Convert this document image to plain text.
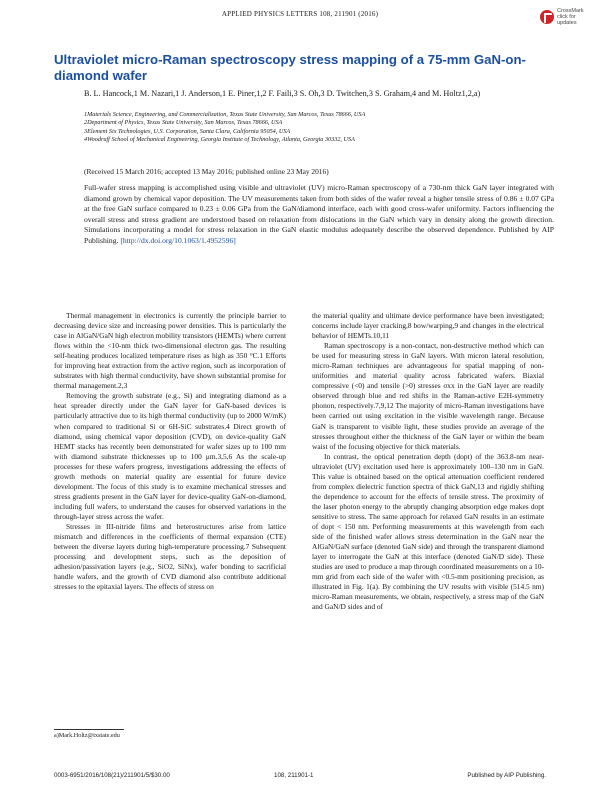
APPLIED PHYSICS LETTERS 108, 211901 (2016)	CrossMark
click for updates
Ultraviolet micro-Raman spectroscopy stress mapping of a 75-mm GaN-on-diamond wafer
B. L. Hancock,1 M. Nazari,1 J. Anderson,1 E. Piner,1,2 F. Faili,3 S. Oh,3 D. Twitchen,3 S. Graham,4 and M. Holtz1,2,a)
1Materials Science, Engineering, and Commercialization, Texas State University, San Marcos, Texas 78666, USA
2Department of Physics, Texas State University, San Marcos, Texas 78666, USA
3Element Six Technologies, U.S. Corporation, Santa Clara, California 95054, USA
4Woodruff School of Mechanical Engineering, Georgia Institute of Technology, Atlanta, Georgia 30332, USA
(Received 15 March 2016; accepted 13 May 2016; published online 23 May 2016)
Full-wafer stress mapping is accomplished using visible and ultraviolet (UV) micro-Raman spectroscopy of a 730-nm thick GaN layer integrated with diamond grown by chemical vapor deposition. The UV measurements taken from both sides of the wafer reveal a higher tensile stress of 0.86 ± 0.07 GPa at the free GaN surface compared to 0.23 ± 0.06 GPa from the GaN/diamond interface, each with good cross-wafer uniformity. Factors influencing the overall stress and stress gradient are understood based on relaxation from dislocations in the GaN which vary in density along the growth direction. Simulations incorporating a model for stress relaxation in the GaN elastic modulus adequately describe the observed dependence. Published by AIP Publishing. [http://dx.doi.org/10.1063/1.4952596]

Thermal management in electronics is currently the principle barrier to decreasing device size and increasing power densities. This is particularly the case in AlGaN/GaN high electron mobility transistors (HEMTs) where current flows within the <10-nm thick two-dimensional electron gas. The resulting self-heating produces localized temperature rises as high as 350 °C.1 Efforts for improving heat extraction from the active region, such as incorporation of substrates with high thermal conductivity, have shown substantial promise for thermal management.2,3

Removing the growth substrate (e.g., Si) and integrating diamond as a heat spreader directly under the GaN layer for GaN-based devices is particularly attractive due to its high thermal conductivity (up to 2000 W/mK) when compared to traditional Si or 6H-SiC substrates.4 Direct growth of diamond, using chemical vapor deposition (CVD), on device-quality GaN HEMT stacks has recently been demonstrated for wafer sizes up to 100 mm with diamond substrate thicknesses up to 100 μm.3,5,6 As the scale-up processes for these wafers progress, investigations addressing the effects of growth methods on material quality are essential for future device development. The focus of this study is to examine mechanical stresses and stress gradients present in the GaN layer for device-quality GaN-on-diamond, including full wafers, to understand the causes for observed variations in the through-layer stress across the wafer.

Stresses in III-nitride films and heterostructures arise from lattice mismatch and differences in the coefficients of thermal expansion (CTE) between the diverse layers during high-temperature processing.7 Subsequent processing and development steps, such as the deposition of adhesion/passivation layers (e.g., SiO2, SiNx), wafer bonding to sacrificial handle wafers, and the growth of CVD diamond also contribute additional stresses to the epitaxial layers. The effects of stress on

the material quality and ultimate device performance have been investigated; concerns include layer cracking,8 bow/warping,9 and changes in the electrical behavior of HEMTs.10,11

Raman spectroscopy is a non-contact, non-destructive method which can be used for measuring stress in GaN layers. With micron lateral resolution, micro-Raman techniques are advantageous for spatial mapping of non-uniformities and material quality across fabricated wafers. Biaxial compressive (<0) and tensile (>0) stresses σxx in the GaN layer are readily observed through blue and red shifts in the Raman-active E2H-symmetry phonon, respectively.7,9,12 The majority of micro-Raman investigations have been carried out using excitation in the visible wavelength range. Because GaN is transparent to visible light, these studies provide an average of the stresses throughout either the thickness of the GaN layer or within the beam waist of the focusing objective for thick materials.

In contrast, the optical penetration depth (dopt) of the 363.8-nm near-ultraviolet (UV) excitation used here is approximately 100–130 nm in GaN. This value is obtained based on the optical attenuation coefficient rendered from complex dielectric function spectra of thick GaN,13 and rigidly shifting the dependence to account for the effects of tensile stress. The proximity of the laser photon energy to the abruptly changing absorption edge makes dopt sensitive to stress. The same approach for relaxed GaN results in an estimate of dopt < 150 nm. Performing measurements at this wavelength from each side of the finished wafer allows stress determination in the GaN near the AlGaN/GaN surface (denoted GaN side) and through the transparent diamond layer to interrogate the GaN at this interface (denoted GaN/D side). These studies are used to produce a map through coordinated measurements on a 10-mm grid from each side of the wafer with <0.5-mm positioning precision, as illustrated in Fig. 1(a). By combining the UV results with visible (514.5 nm) micro-Raman measurements, we obtain, respectively, a stress map of the GaN and GaN/D sides and of

a)Mark.Holtz@txstate.edu
0003-6951/2016/108(21)/211901/5/$30.00	108, 211901-1	Published by AIP Publishing.
